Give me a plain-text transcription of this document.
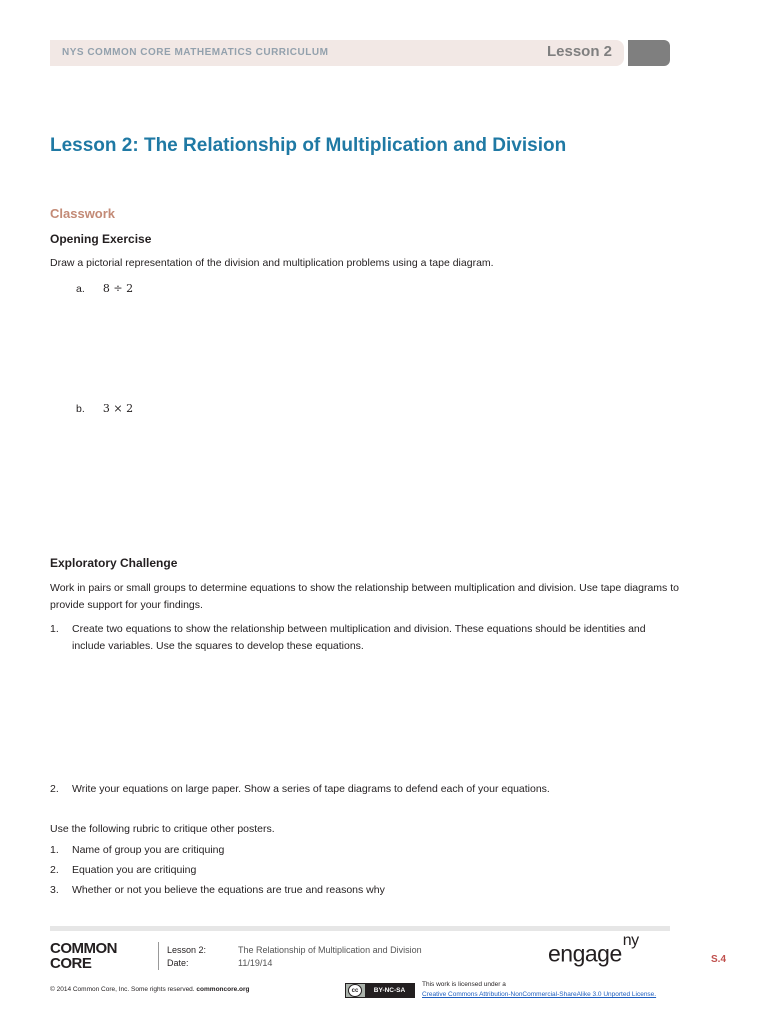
NYS COMMON CORE MATHEMATICS CURRICULUM	Lesson 2
Lesson 2: The Relationship of Multiplication and Division
Classwork
Opening Exercise
Draw a pictorial representation of the division and multiplication problems using a tape diagram.
a. 8 ÷ 2
b. 3 × 2
Exploratory Challenge
Work in pairs or small groups to determine equations to show the relationship between multiplication and division. Use tape diagrams to provide support for your findings.
1.	Create two equations to show the relationship between multiplication and division. These equations should be identities and include variables. Use the squares to develop these equations.
2.	Write your equations on large paper. Show a series of tape diagrams to defend each of your equations.
Use the following rubric to critique other posters.
1.	Name of group you are critiquing
2.	Equation you are critiquing
3.	Whether or not you believe the equations are true and reasons why
COMMON
CORE
Lesson 2:
Date:
The Relationship of Multiplication and Division
11/19/14	engage$^{ny}$
S.4
© 2014 Common Core, Inc. Some rights reserved. commoncore.org	cc	BY-NC-SA
This work is licensed under a
Creative Commons Attribution-NonCommercial-ShareAlike 3.0 Unported License.
